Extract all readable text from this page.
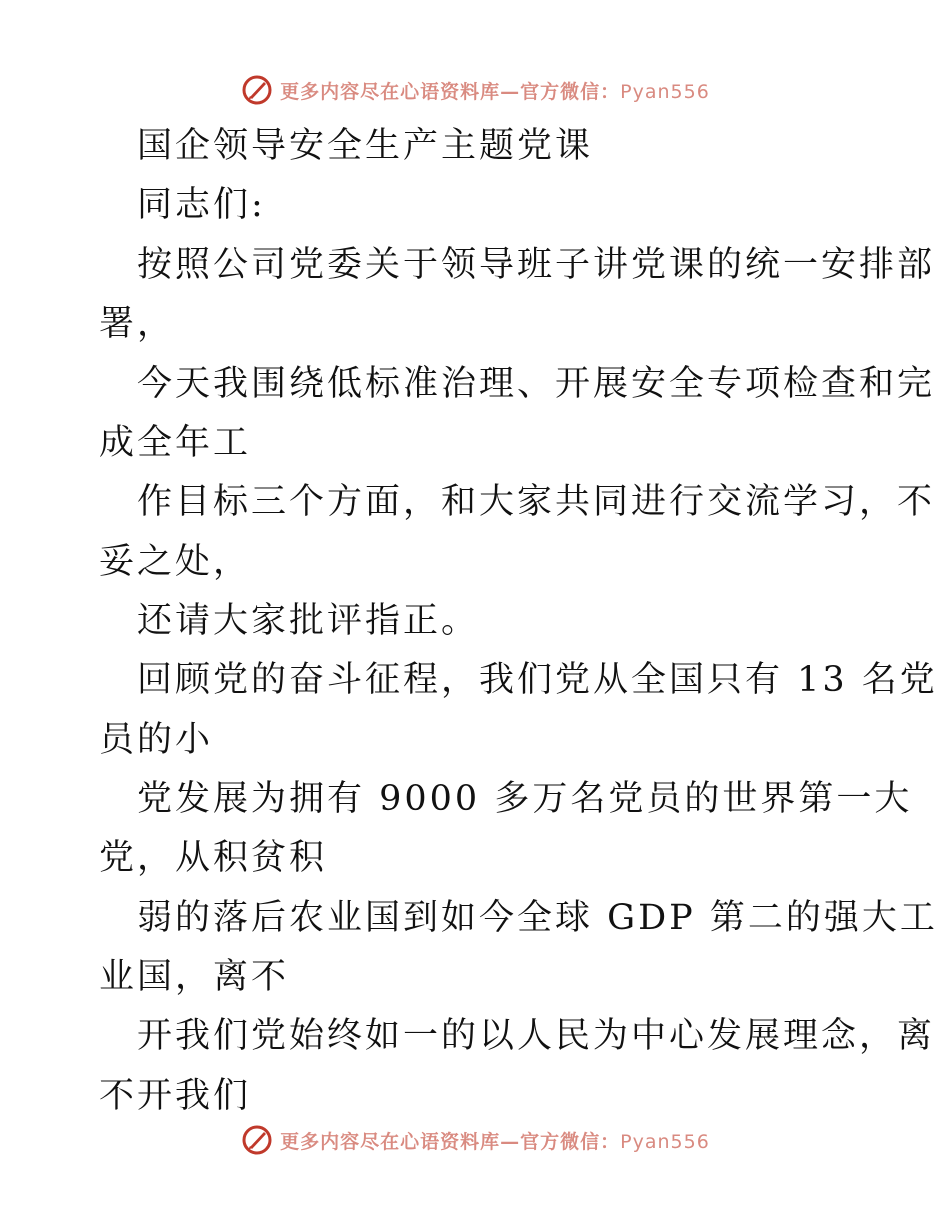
更多内容尽在心语资料库—官方微信：Pyan556
国企领导安全生产主题党课
同志们:
按照公司党委关于领导班子讲党课的统一安排部
署，
今天我围绕低标准治理、开展安全专项检查和完
成全年工
作目标三个方面，和大家共同进行交流学习，不
妥之处，
还请大家批评指正。
回顾党的奋斗征程，我们党从全国只有 13 名党
员的小
党发展为拥有 9000 多万名党员的世界第一大
党，从积贫积
弱的落后农业国到如今全球 GDP 第二的强大工
业国，离不
开我们党始终如一的以人民为中心发展理念，离
不开我们
更多内容尽在心语资料库—官方微信：Pyan556
